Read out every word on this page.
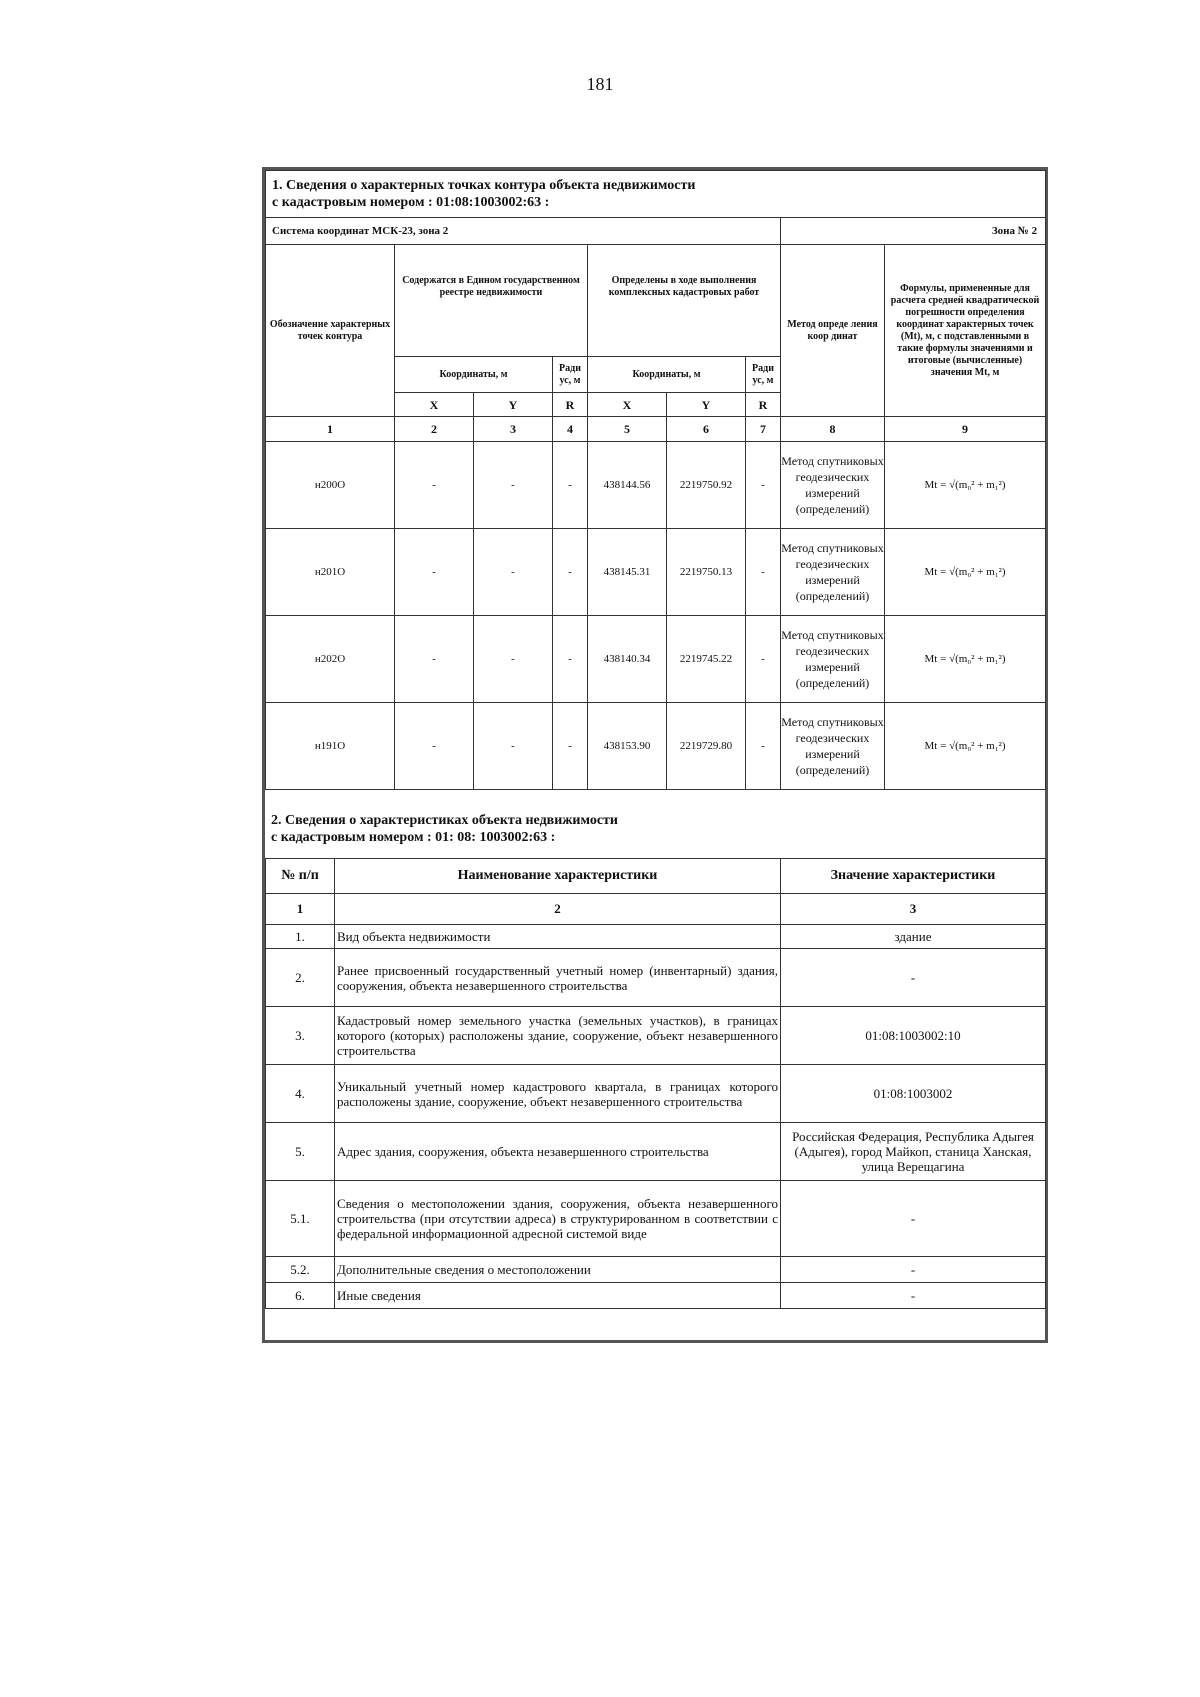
181
1. Сведения о характерных точках контура объекта недвижимости
с кадастровым номером : 01:08:1003002:63 :								

Система координат МСК-23, зона 2							Зона № 2	
Обозначение характерных точек контура	Содержатся в Едином государственном реестре недвижимости			Определены в ходе выполнения комплексных кадастровых работ			Метод опреде ления коор динат	Формулы, примененные для расчета средней квадратической погрешности определения координат характерных точек (Mt), м, с подставленными в такие формулы значениями и итоговые (вычисленные) значения Mt, м
	Координаты, м		Ради ус, м	Координаты, м		Ради ус, м		
	X	Y	R	X	Y	R		
1	2	3	4	5	6	7	8	9
н200О	-	-	-	438144.56	2219750.92	-	Метод спутниковых геодезических измерений (определений)	Mt = √(m₀² + m₁²)
н201О	-	-	-	438145.31	2219750.13	-	Метод спутниковых геодезических измерений (определений)	Mt = √(m₀² + m₁²)
н202О	-	-	-	438140.34	2219745.22	-	Метод спутниковых геодезических измерений (определений)	Mt = √(m₀² + m₁²)
н191О	-	-	-	438153.90	2219729.80	-	Метод спутниковых геодезических измерений (определений)	Mt = √(m₀² + m₁²)
2. Сведения о характеристиках объекта недвижимости
с кадастровым номером : 01: 08: 1003002:63 :
№ п/п	Наименование характеристики	Значение характеристики
1	2	3
1.	Вид объекта недвижимости	здание
2.	Ранее присвоенный государственный учетный номер (инвентарный) здания, сооружения, объекта незавершенного строительства	-
3.	Кадастровый номер земельного участка (земельных участков), в границах которого (которых) расположены здание, сооружение, объект незавершенного строительства	01:08:1003002:10
4.	Уникальный учетный номер кадастрового квартала, в границах которого расположены здание, сооружение, объект незавершенного строительства	01:08:1003002
5.	Адрес здания, сооружения, объекта незавершенного строительства	Российская Федерация, Республика Адыгея (Адыгея), город Майкоп, станица Ханская, улица Верещагина
5.1.	Сведения о местоположении здания, сооружения, объекта незавершенного строительства (при отсутствии адреса) в структурированном в соответствии с федеральной информационной адресной системой виде	-
5.2.	Дополнительные сведения о местоположении	-
6.	Иные сведения	-
